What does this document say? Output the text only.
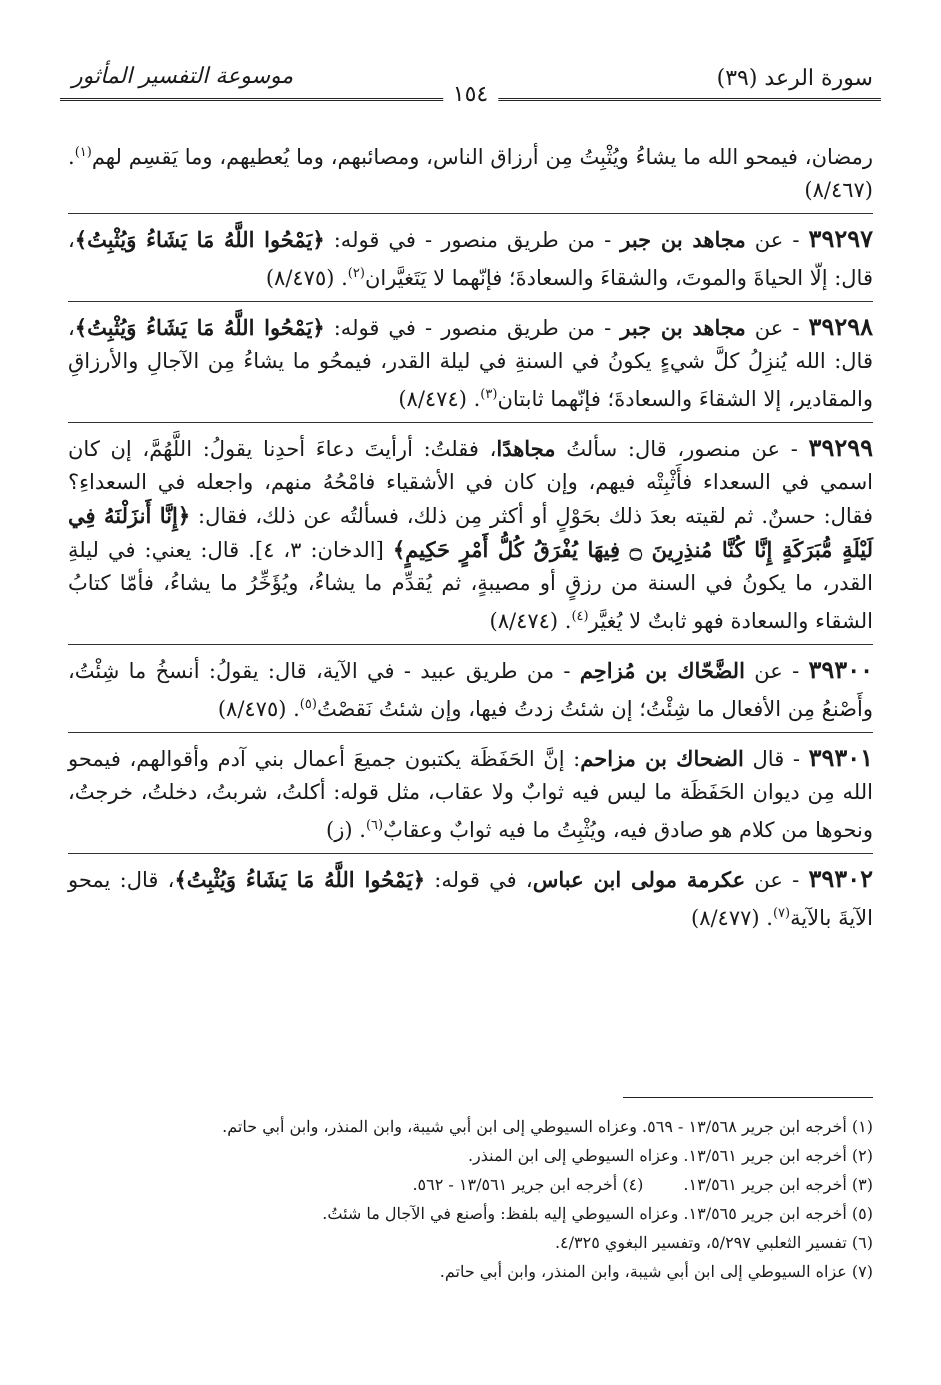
سورة الرعد (٣٩)
١٥٤
موسوعة التفسير المأثور

رمضان، فيمحو الله ما يشاءُ ويُثْبِتُ مِن أرزاق الناس، ومصائبهم، وما يُعطيهم، وما يَقسِم لهم$^{(١)}$. (٨/٤٦٧)

٣٩٢٩٧ - عن مجاهد بن جبر - من طريق منصور - في قوله: ﴿يَمْحُوا اللَّهُ مَا يَشَاءُ وَيُثْبِتُ﴾، قال: إلّا الحياةَ والموتَ، والشقاءَ والسعادةَ؛ فإنّهما لا يَتَغيَّران$^{(٢)}$. (٨/٤٧٥)

٣٩٢٩٨ - عن مجاهد بن جبر - من طريق منصور - في قوله: ﴿يَمْحُوا اللَّهُ مَا يَشَاءُ وَيُثْبِتُ﴾، قال: الله يُنزِلُ كلَّ شيءٍ يكونُ في السنةِ في ليلة القدر، فيمحُو ما يشاءُ مِن الآجالِ والأرزاقِ والمقادير، إلا الشقاءَ والسعادةَ؛ فإنّهما ثابتان$^{(٣)}$. (٨/٤٧٤)

٣٩٢٩٩ - عن منصور، قال: سألتُ مجاهدًا، فقلتُ: أرأيتَ دعاءَ أحدِنا يقولُ: اللَّهُمَّ، إن كان اسمي في السعداء فأَثْبِتْه فيهم، وإن كان في الأشقياء فامْحُهُ منهم، واجعله في السعداءِ؟ فقال: حسنٌ. ثم لقيته بعدَ ذلك بحَوْلٍ أو أكثر مِن ذلك، فسألتُه عن ذلك، فقال: ﴿إِنَّا أَنزَلْنَهُ فِي لَيْلَةٍ مُّبَرَكَةٍ إِنَّا كُنَّا مُنذِرِينَ ۝ فِيهَا يُفْرَقُ كُلُّ أَمْرٍ حَكِيمٍ﴾ [الدخان: ٣، ٤]. قال: يعني: في ليلةِ القدر، ما يكونُ في السنة من رزقٍ أو مصيبةٍ، ثم يُقدِّم ما يشاءُ، ويُؤَخِّرُ ما يشاءُ، فأمّا كتابُ الشقاء والسعادة فهو ثابتٌ لا يُغيَّر$^{(٤)}$. (٨/٤٧٤)

٣٩٣٠٠ - عن الضَّحّاك بن مُزاحِم - من طريق عبيد - في الآية، قال: يقولُ: أنسخُ ما شِئْتُ، وأَصْنعُ مِن الأفعال ما شِئْتُ؛ إن شئتُ زدتُ فيها، وإن شئتُ نَقصْتُ$^{(٥)}$. (٨/٤٧٥)

٣٩٣٠١ - قال الضحاك بن مزاحم: إنَّ الحَفَظَة يكتبون جميعَ أعمال بني آدم وأقوالهم، فيمحو الله مِن ديوان الحَفَظَة ما ليس فيه ثوابٌ ولا عقاب، مثل قوله: أكلتُ، شربتُ، دخلتُ، خرجتُ، ونحوها من كلام هو صادق فيه، ويُثْبِتُ ما فيه ثوابٌ وعقابٌ$^{(٦)}$. (ز)

٣٩٣٠٢ - عن عكرمة مولى ابن عباس، في قوله: ﴿يَمْحُوا اللَّهُ مَا يَشَاءُ وَيُثْبِتُ﴾، قال: يمحو الآيةَ بالآية$^{(٧)}$. (٨/٤٧٧)

(١) أخرجه ابن جرير ١٣/٥٦٨ - ٥٦٩. وعزاه السيوطي إلى ابن أبي شيبة، وابن المنذر، وابن أبي حاتم.

(٢) أخرجه ابن جرير ١٣/٥٦١. وعزاه السيوطي إلى ابن المنذر.

(٣) أخرجه ابن جرير ١٣/٥٦١.

(٤) أخرجه ابن جرير ١٣/٥٦١ - ٥٦٢.

(٥) أخرجه ابن جرير ١٣/٥٦٥. وعزاه السيوطي إليه بلفظ: وأصنع في الآجال ما شئتُ.

(٦) تفسير الثعلبي ٥/٢٩٧، وتفسير البغوي ٤/٣٢٥.

(٧) عزاه السيوطي إلى ابن أبي شيبة، وابن المنذر، وابن أبي حاتم.
